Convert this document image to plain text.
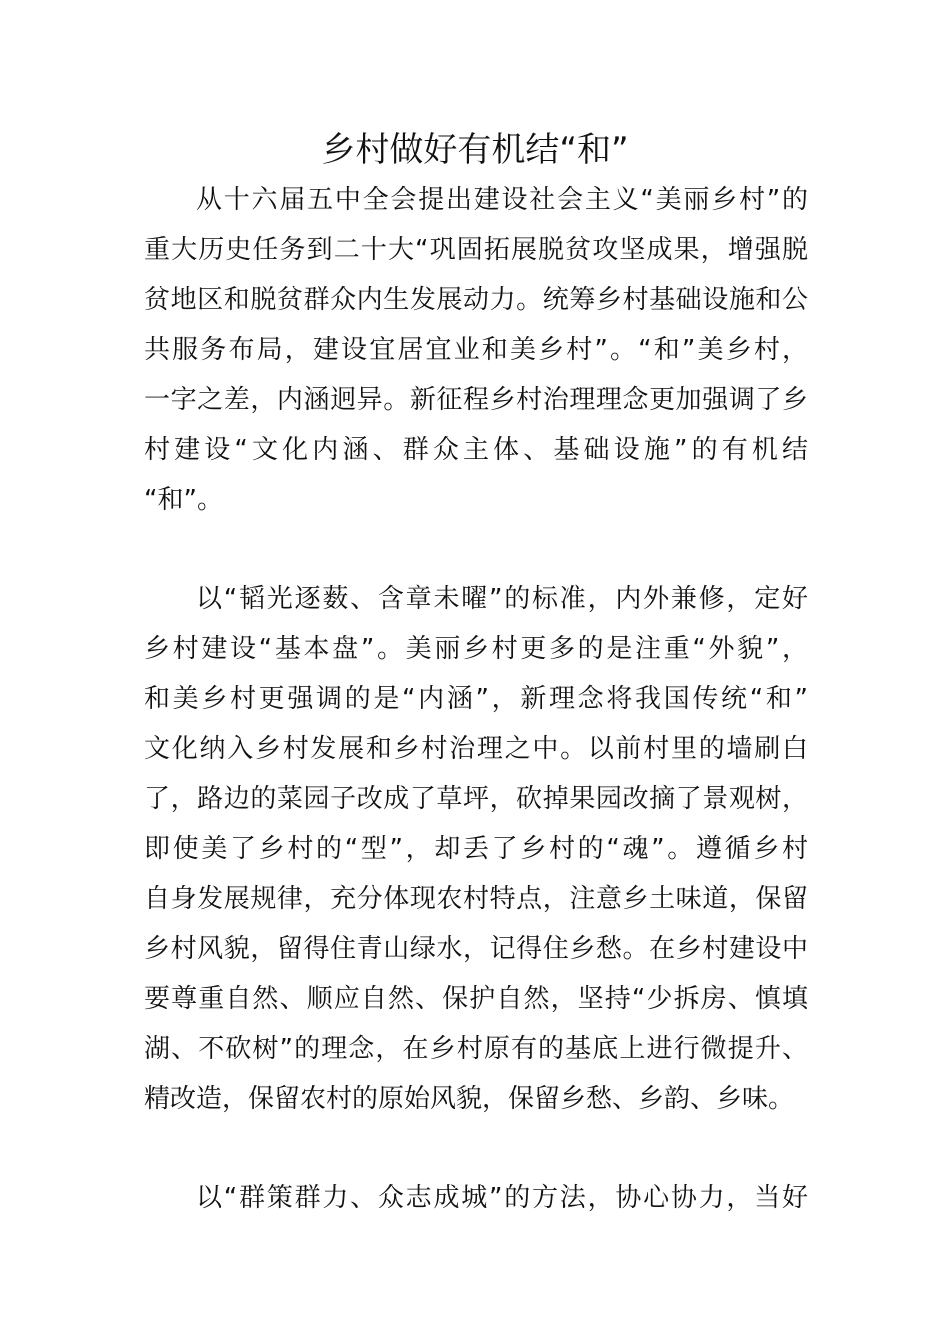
乡村做好有机结“和”

从十六届五中全会提出建设社会主义“美丽乡村”的

重大历史任务到二十大“巩固拓展脱贫攻坚成果，增强脱

贫地区和脱贫群众内生发展动力。统筹乡村基础设施和公

共服务布局，建设宜居宜业和美乡村”。“和”美乡村，

一字之差，内涵迥异。新征程乡村治理理念更加强调了乡

村建设“文化内涵、群众主体、基础设施”的有机结

“和”。

以“韬光逐薮、含章未曜”的标准，内外兼修，定好

乡村建设“基本盘”。美丽乡村更多的是注重“外貌”，

和美乡村更强调的是“内涵”，新理念将我国传统“和”

文化纳入乡村发展和乡村治理之中。以前村里的墙刷白

了，路边的菜园子改成了草坪，砍掉果园改摘了景观树，

即使美了乡村的“型”，却丢了乡村的“魂”。遵循乡村

自身发展规律，充分体现农村特点，注意乡土味道，保留

乡村风貌，留得住青山绿水，记得住乡愁。在乡村建设中

要尊重自然、顺应自然、保护自然，坚持“少拆房、慎填

湖、不砍树”的理念，在乡村原有的基底上进行微提升、

精改造，保留农村的原始风貌，保留乡愁、乡韵、乡味。

以“群策群力、众志成城”的方法，协心协力，当好
